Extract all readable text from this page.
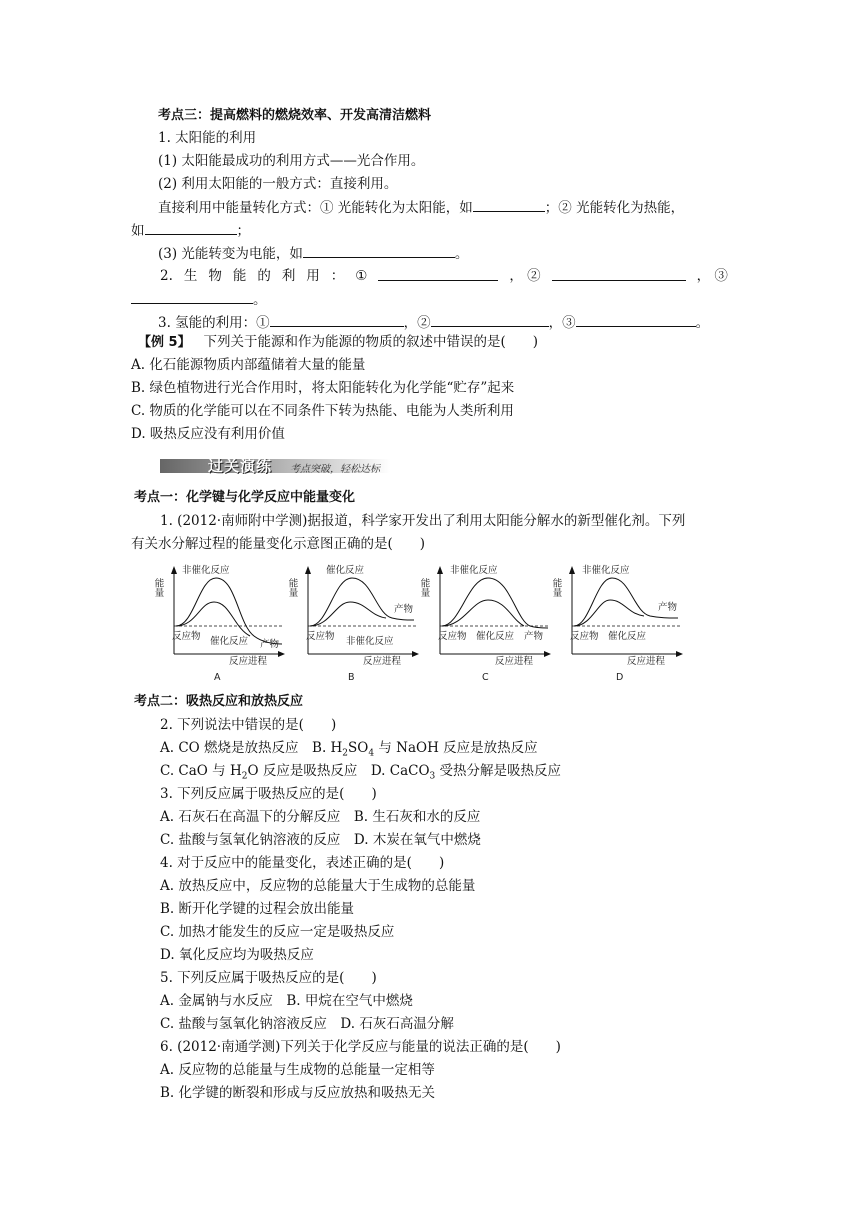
考点三：提高燃料的燃烧效率、开发高清洁燃料
1. 太阳能的利用
(1) 太阳能最成功的利用方式——光合作用。
(2) 利用太阳能的一般方式：直接利用。
直接利用中能量转化方式：① 光能转化为太阳能，如	；② 光能转化为热能，
如	；
(3) 光能转变为电能，如	。
2. 生 物 能 的 利 用 ： ①	， ②	， ③
。
3. 氢能的利用：①	，②	，③	。
【例 5】 下列关于能源和作为能源的物质的叙述中错误的是(　　)
A. 化石能源物质内部蕴储着大量的能量
B. 绿色植物进行光合作用时，将太阳能转化为化学能“贮存”起来
C. 物质的化学能可以在不同条件下转为热能、电能为人类所利用
D. 吸热反应没有利用价值
过关演练 考点突破，轻松达标
考点一：化学键与化学反应中能量变化
1. (2012·南师附中学测)据报道，科学家开发出了利用太阳能分解水的新型催化剂。下列
有关水分解过程的能量变化示意图正确的是(　　)
能量
非催化反应
反应物 催化反应 产物
反应进程
A
能量
催化反应
反应物 非催化反应
产物
反应进程
B
能量
非催化反应
反应物 催化反应 产物
反应进程
C
能量
非催化反应
反应物 催化反应
产物
反应进程
D
考点二：吸热反应和放热反应
2. 下列说法中错误的是(　　)
A. CO 燃烧是放热反应　B. $H_2SO_4$ 与 NaOH 反应是放热反应
C. CaO 与 $H_2O$ 反应是吸热反应　D. CaCO$_3$ 受热分解是吸热反应
3. 下列反应属于吸热反应的是(　　)
A. 石灰石在高温下的分解反应　B. 生石灰和水的反应
C. 盐酸与氢氧化钠溶液的反应　D. 木炭在氧气中燃烧
4. 对于反应中的能量变化，表述正确的是(　　)
A. 放热反应中，反应物的总能量大于生成物的总能量
B. 断开化学键的过程会放出能量
C. 加热才能发生的反应一定是吸热反应
D. 氧化反应均为吸热反应
5. 下列反应属于吸热反应的是(　　)
A. 金属钠与水反应　B. 甲烷在空气中燃烧
C. 盐酸与氢氧化钠溶液反应　D. 石灰石高温分解
6. (2012·南通学测)下列关于化学反应与能量的说法正确的是(　　)
A. 反应物的总能量与生成物的总能量一定相等
B. 化学键的断裂和形成与反应放热和吸热无关
